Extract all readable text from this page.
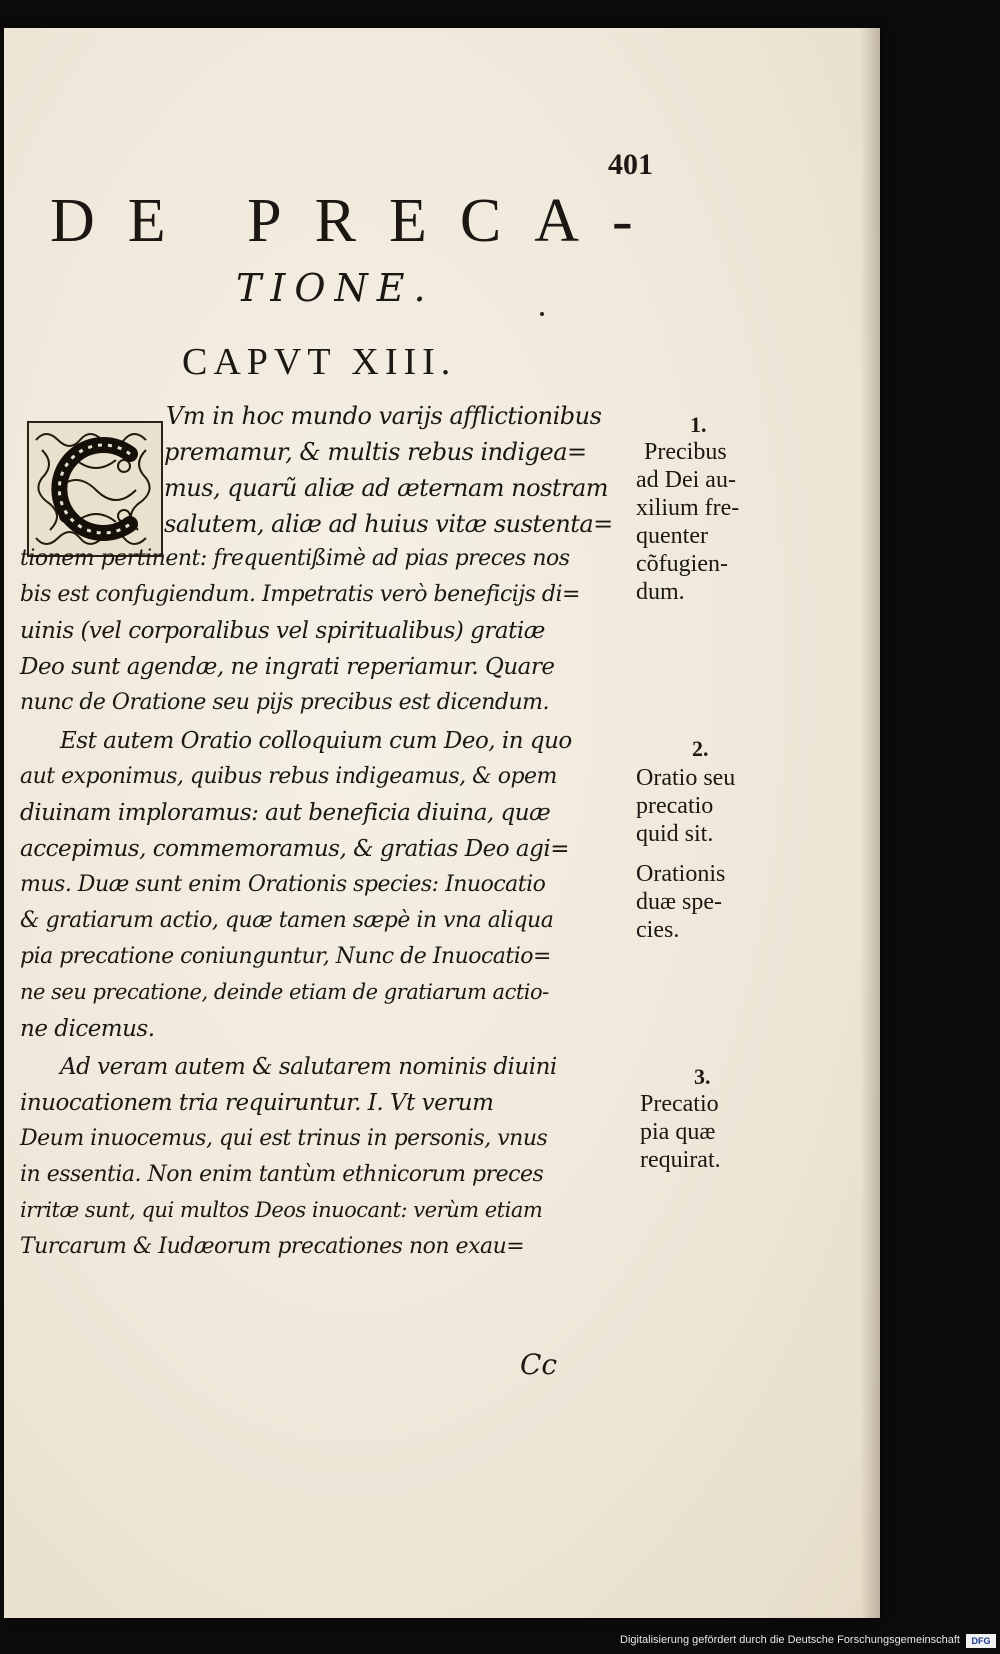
401
DE PRECA-
TIONE.
CAPVT XIII.
Vm in hoc mundo varijs afflictionibus
premamur, & multis rebus indigea=
mus, quarũ aliæ ad æternam nostram
salutem, aliæ ad huius vitæ sustenta=
tionem pertinent: frequentißimè ad pias preces nos
bis est confugiendum. Impetratis verò beneficijs di=
uinis (vel corporalibus vel spiritualibus) gratiæ
Deo sunt agendæ, ne ingrati reperiamur. Quare
nunc de Oratione seu pijs precibus est dicendum.
Est autem Oratio colloquium cum Deo, in quo
aut exponimus, quibus rebus indigeamus, & opem
diuinam imploramus: aut beneficia diuina, quæ
accepimus, commemoramus, & gratias Deo agi=
mus. Duæ sunt enim Orationis species: Inuocatio
& gratiarum actio, quæ tamen sæpè in vna aliqua
pia precatione coniunguntur, Nunc de Inuocatio=
ne seu precatione, deinde etiam de gratiarum actio-
ne dicemus.
Ad veram autem & salutarem nominis diuini
inuocationem tria requiruntur. I. Vt verum
Deum inuocemus, qui est trinus in personis, vnus
in essentia. Non enim tantùm ethnicorum preces
irritæ sunt, qui multos Deos inuocant: verùm etiam
Turcarum & Iudæorum precationes non exau=
1.
Precibus
ad Dei au-
xilium fre-
quenter
cõfugien-
dum.
2.
Oratio seu
precatio
quid sit.
Orationis
duæ spe-
cies.
3.
Precatio
pia quæ
requirat.
Cc
Digitalisierung gefördert durch die Deutsche Forschungsgemeinschaft	DFG
